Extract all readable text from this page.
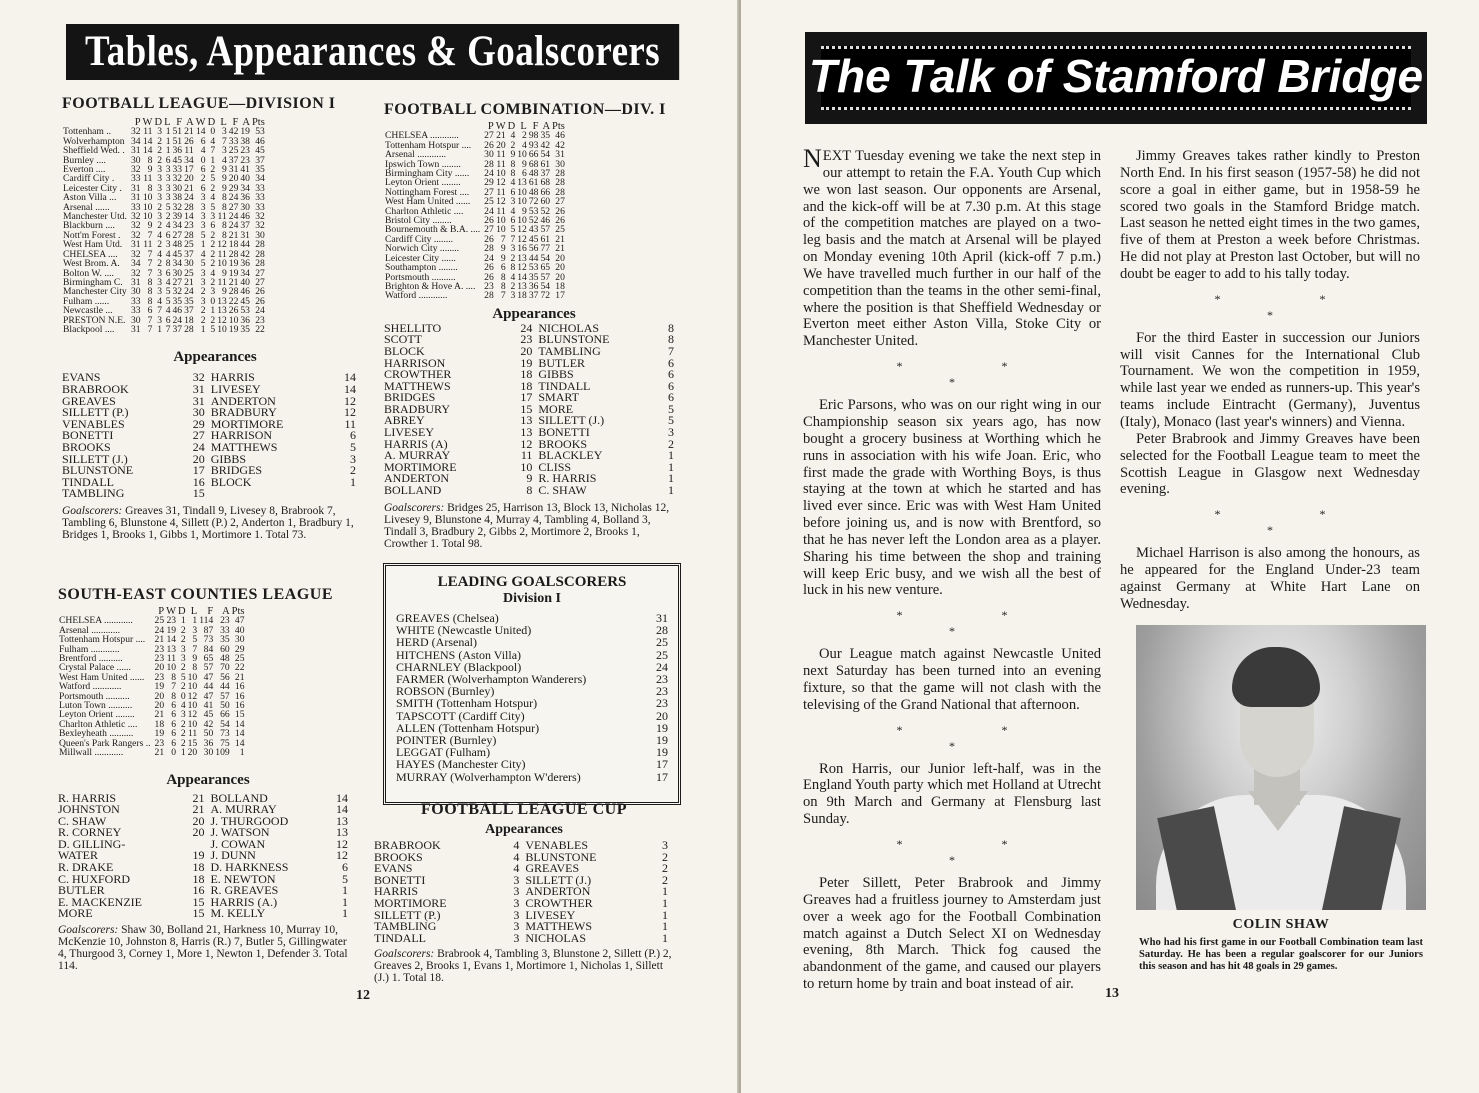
Tables, Appearances & Goalscorers
FOOTBALL LEAGUE—DIVISION I
	P	W	D	L	F	A	W	D	L	F	A	Pts
Tottenham ..	32	11	3	1	51	21	14	0	3	42	19	53
Wolverhampton	34	14	2	1	51	26	6	4	7	33	38	46
Sheffield Wed. .	31	14	2	1	36	11	4	7	3	25	23	45
Burnley ....	30	8	2	6	45	34	0	1	4	37	23	37
Everton ....	32	9	3	3	33	17	6	2	9	31	41	35
Cardiff City .	33	11	3	3	32	20	2	5	9	20	40	34
Leicester City .	31	8	3	3	30	21	6	2	9	29	34	33
Aston Villa ...	31	10	3	3	38	24	3	4	8	24	36	33
Arsenal ......	33	10	2	5	32	28	3	5	8	27	30	33
Manchester Utd.	32	10	3	2	39	14	3	3	11	24	46	32
Blackburn ....	32	9	2	4	34	23	3	6	8	24	37	32
Nott'm Forest .	32	7	4	6	27	28	5	2	8	21	31	30
West Ham Utd.	31	11	2	3	48	25	1	2	12	18	44	28
CHELSEA ....	32	7	4	4	45	37	4	2	11	28	42	28
West Brom. A.	34	7	2	8	34	30	5	2	10	19	36	28
Bolton W. ....	32	7	3	6	30	25	3	4	9	19	34	27
Birmingham C.	31	8	3	4	27	21	3	2	11	21	40	27
Manchester City	30	8	3	5	32	24	2	3	9	28	46	26
Fulham ......	33	8	4	5	35	35	3	0	13	22	45	26
Newcastle ...	33	6	7	4	46	37	2	1	13	26	53	24
PRESTON N.E.	30	7	3	6	24	18	2	2	12	10	36	23
Blackpool ....	31	7	1	7	37	28	1	5	10	19	35	22
Appearances
EVANS	32	HARRIS	14
BRABROOK	31	LIVESEY	14
GREAVES	31	ANDERTON	12
SILLETT (P.)	30	BRADBURY	12
VENABLES	29	MORTIMORE	11
BONETTI	27	HARRISON	6
BROOKS	24	MATTHEWS	5
SILLETT (J.)	20	GIBBS	3
BLUNSTONE	17	BRIDGES	2
TINDALL	16	BLOCK	1
TAMBLING	15		
Goalscorers: Greaves 31, Tindall 9, Livesey 8, Brabrook 7, Tambling 6, Blunstone 4, Sillett (P.) 2, Anderton 1, Bradbury 1, Bridges 1, Brooks 1, Gibbs 1, Mortimore 1. Total 73.
FOOTBALL COMBINATION—DIV. I
	P	W	D	L	F	A	Pts
CHELSEA ............	27	21	4	2	98	35	46
Tottenham Hotspur ....	26	20	2	4	93	42	42
Arsenal ............	30	11	9	10	66	54	31
Ipswich Town ........	28	11	8	9	68	61	30
Birmingham City ......	24	10	8	6	48	37	28
Leyton Orient ........	29	12	4	13	61	68	28
Nottingham Forest ....	27	11	6	10	48	66	28
West Ham United ......	25	12	3	10	72	60	27
Charlton Athletic ....	24	11	4	9	53	52	26
Bristol City ........	26	10	6	10	52	46	26
Bournemouth & B.A. ....	27	10	5	12	43	57	25
Cardiff City ........	26	7	7	12	45	61	21
Norwich City ........	28	9	3	16	56	77	21
Leicester City ......	24	9	2	13	44	54	20
Southampton ........	26	6	8	12	53	65	20
Portsmouth ..........	26	8	4	14	35	57	20
Brighton & Hove A. ....	23	8	2	13	36	54	18
Watford ............	28	7	3	18	37	72	17
Appearances
SHELLITO	24	NICHOLAS	8
SCOTT	23	BLUNSTONE	8
BLOCK	20	TAMBLING	7
HARRISON	19	BUTLER	6
CROWTHER	18	GIBBS	6
MATTHEWS	18	TINDALL	6
BRIDGES	17	SMART	6
BRADBURY	15	MORE	5
ABREY	13	SILLETT (J.)	5
LIVESEY	13	BONETTI	3
HARRIS (A)	12	BROOKS	2
A. MURRAY	11	BLACKLEY	1
MORTIMORE	10	CLISS	1
ANDERTON	9	R. HARRIS	1
BOLLAND	8	C. SHAW	1
Goalscorers: Bridges 25, Harrison 13, Block 13, Nicholas 12, Livesey 9, Blunstone 4, Murray 4, Tambling 4, Bolland 3, Tindall 3, Bradbury 2, Gibbs 2, Mortimore 2, Brooks 1, Crowther 1. Total 98.
LEADING GOALSCORERS
Division I
GREAVES (Chelsea)	31
WHITE (Newcastle United)	28
HERD (Arsenal)	25
HITCHENS (Aston Villa)	25
CHARNLEY (Blackpool)	24
FARMER (Wolverhampton Wanderers)	23
ROBSON (Burnley)	23
SMITH (Tottenham Hotspur)	23
TAPSCOTT (Cardiff City)	20
ALLEN (Tottenham Hotspur)	19
POINTER (Burnley)	19
LEGGAT (Fulham)	19
HAYES (Manchester City)	17
MURRAY (Wolverhampton W'derers)	17
SOUTH-EAST COUNTIES LEAGUE
	P	W	D	L	F	A	Pts
CHELSEA ............	25	23	1	1	114	23	47
Arsenal ............	24	19	2	3	87	33	40
Tottenham Hotspur ....	21	14	2	5	73	35	30
Fulham ............	23	13	3	7	84	60	29
Brentford ..........	23	11	3	9	65	48	25
Crystal Palace ......	20	10	2	8	57	70	22
West Ham United ......	23	8	5	10	47	56	21
Watford ............	19	7	2	10	44	44	16
Portsmouth ..........	20	8	0	12	47	57	16
Luton Town ..........	20	6	4	10	41	50	16
Leyton Orient ........	21	6	3	12	45	66	15
Charlton Athletic ....	18	6	2	10	42	54	14
Bexleyheath ..........	19	6	2	11	50	73	14
Queen's Park Rangers ..	23	6	2	15	36	75	14
Millwall ............	21	0	1	20	30	109	1
Appearances
R. HARRIS	21	BOLLAND	14
JOHNSTON	21	A. MURRAY	14
C. SHAW	20	J. THURGOOD	13
R. CORNEY	20	J. WATSON	13
D. GILLING-		J. COWAN	12
WATER	19	J. DUNN	12
R. DRAKE	18	D. HARKNESS	6
C. HUXFORD	18	E. NEWTON	5
BUTLER	16	R. GREAVES	1
E. MACKENZIE	15	HARRIS (A.)	1
MORE	15	M. KELLY	1
Goalscorers: Shaw 30, Bolland 21, Harkness 10, Murray 10, McKenzie 10, Johnston 8, Harris (R.) 7, Butler 5, Gillingwater 4, Thurgood 3, Corney 1, More 1, Newton 1, Defender 3. Total 114.
FOOTBALL LEAGUE CUP
Appearances
BRABROOK	4	VENABLES	3
BROOKS	4	BLUNSTONE	2
EVANS	4	GREAVES	2
BONETTI	3	SILLETT (J.)	2
HARRIS	3	ANDERTON	1
MORTIMORE	3	CROWTHER	1
SILLETT (P.)	3	LIVESEY	1
TAMBLING	3	MATTHEWS	1
TINDALL	3	NICHOLAS	1
Goalscorers: Brabrook 4, Tambling 3, Blunstone 2, Sillett (P.) 2, Greaves 2, Brooks 1, Evans 1, Mortimore 1, Nicholas 1, Sillett (J.) 1. Total 18.
12
The Talk of Stamford Bridge

NEXT Tuesday evening we take the next step in our attempt to retain the F.A. Youth Cup which we won last season. Our opponents are Arsenal, and the kick-off will be at 7.30 p.m. At this stage of the competition matches are played on a two-leg basis and the match at Arsenal will be played on Monday evening 10th April (kick-off 7 p.m.) We have travelled much further in our half of the competition than the teams in the other semi-final, where the position is that Sheffield Wednesday or Everton meet either Aston Villa, Stoke City or Manchester United.

* * *

Eric Parsons, who was on our right wing in our Championship season six years ago, has now bought a grocery business at Worthing which he runs in association with his wife Joan. Eric, who first made the grade with Worthing Boys, is thus staying at the town at which he started and has lived ever since. Eric was with West Ham United before joining us, and is now with Brentford, so that he has never left the London area as a player. Sharing his time between the shop and training will keep Eric busy, and we wish all the best of luck in his new venture.

* * *

Our League match against Newcastle United next Saturday has been turned into an evening fixture, so that the game will not clash with the televising of the Grand National that afternoon.

* * *

Ron Harris, our Junior left-half, was in the England Youth party which met Holland at Utrecht on 9th March and Germany at Flensburg last Sunday.

* * *

Peter Sillett, Peter Brabrook and Jimmy Greaves had a fruitless journey to Amsterdam just over a week ago for the Football Combination match against a Dutch Select XI on Wednesday evening, 8th March. Thick fog caused the abandonment of the game, and caused our players to return home by train and boat instead of air.

Jimmy Greaves takes rather kindly to Preston North End. In his first season (1957-58) he did not score a goal in either game, but in 1958-59 he scored two goals in the Stamford Bridge match. Last season he netted eight times in the two games, five of them at Preston a week before Christmas. He did not play at Preston last October, but will no doubt be eager to add to his tally today.

* * *

For the third Easter in succession our Juniors will visit Cannes for the International Club Tournament. We won the competition in 1959, while last year we ended as runners-up. This year's teams include Eintracht (Germany), Juventus (Italy), Monaco (last year's winners) and Vienna.

Peter Brabrook and Jimmy Greaves have been selected for the Football League team to meet the Scottish League in Glasgow next Wednesday evening.

* * *

Michael Harrison is also among the honours, as he appeared for the England Under-23 team against Germany at White Hart Lane on Wednesday.

COLIN SHAW
Who had his first game in our Football Combination team last Saturday. He has been a regular goalscorer for our Juniors this season and has hit 48 goals in 29 games.
13
